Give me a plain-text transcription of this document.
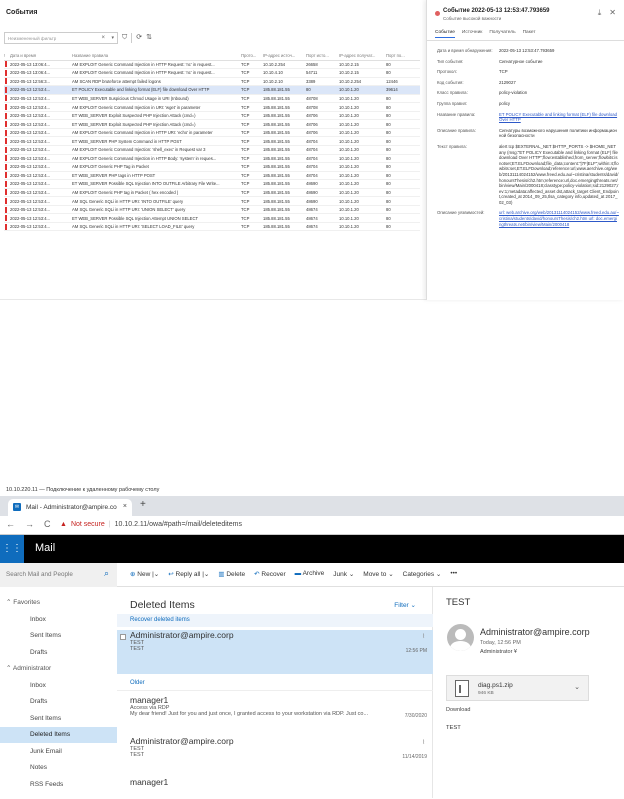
События
Неизмененный фильтр	× ▾ ⛉ ⟳ ⇅
!	Дата и время	Название правила	Прото...	IP-адрес источ...	Порт исто...	IP-адрес получат...	Порт по...
	2022-05-13 13:06:4...	AM EXPLOIT Generic Command Injection in HTTP Request: 'nc' in request...	TCP	10.10.2.254	26658	10.10.2.15	80
	2022-05-13 13:06:4...	AM EXPLOIT Generic Command Injection in HTTP Request: 'nc' in request...	TCP	10.10.4.10	54711	10.10.2.15	80
	2022-05-13 12:56:3...	AM SCAN RDP bruteforce attempt failed logons	TCP	10.10.2.10	3389	10.10.2.254	12446
	2022-05-13 12:53:4...	ET POLICY Executable and linking format (ELF) file download Over HTTP	TCP	185.88.181.55	80	10.10.1.20	39614
	2022-05-13 12:53:4...	ET WEB_SERVER Suspicious Chmod Usage in URI (Inbound)	TCP	185.88.181.55	48708	10.10.1.20	80
	2022-05-13 12:53:4...	AM EXPLOIT Generic Command Injection in URI: 'wget' in parameter	TCP	185.88.181.55	48708	10.10.1.20	80
	2022-05-13 12:53:4...	ET WEB_SERVER Exploit Suspected PHP Injection Attack (cmd=)	TCP	185.88.181.55	48706	10.10.1.20	80
	2022-05-13 12:53:4...	ET WEB_SERVER Exploit Suspected PHP Injection Attack (cmd=)	TCP	185.88.181.55	48706	10.10.1.20	80
	2022-05-13 12:53:4...	AM EXPLOIT Generic Command Injection in HTTP URI: 'echo' in parameter	TCP	185.88.181.55	48706	10.10.1.20	80
	2022-05-13 12:53:4...	ET WEB_SERVER PHP System Command in HTTP POST	TCP	185.88.181.55	48704	10.10.1.20	80
	2022-05-13 12:53:4...	AM EXPLOIT Generic Command Injection: 'shell_exec' in Request var 3	TCP	185.88.181.55	48704	10.10.1.20	80
	2022-05-13 12:53:4...	AM EXPLOIT Generic Command Injection in HTTP Body: 'system' in reques...	TCP	185.88.181.55	48704	10.10.1.20	80
	2022-05-13 12:53:4...	AM EXPLOIT Generic PHP Tag in Packet	TCP	185.88.181.55	48704	10.10.1.20	80
	2022-05-13 12:53:4...	ET WEB_SERVER PHP tags in HTTP POST	TCP	185.88.181.55	48704	10.10.1.20	80
	2022-05-13 12:53:4...	ET WEB_SERVER Possible SQL Injection INTO OUTFILE Arbitrary File Write...	TCP	185.88.181.55	48690	10.10.1.20	80
	2022-05-13 12:53:4...	AM EXPLOIT Generic PHP tag in Packet ( hex encoded )	TCP	185.88.181.55	48690	10.10.1.20	80
	2022-05-13 12:53:4...	AM SQL Generic SQLi in HTTP URI: 'INTO OUTFILE' query	TCP	185.88.181.55	48690	10.10.1.20	80
	2022-05-13 12:53:4...	AM SQL Generic SQLi in HTTP URI: 'UNION SELECT' query	TCP	185.88.181.55	48674	10.10.1.20	80
	2022-05-13 12:53:4...	ET WEB_SERVER Possible SQL Injection Attempt UNION SELECT	TCP	185.88.181.55	48674	10.10.1.20	80
	2022-05-13 12:53:4...	AM SQL Generic SQLi in HTTP URI: 'SELECT LOAD_FILE' query	TCP	185.88.181.55	48674	10.10.1.20	80
Событие 2022-05-13 12:53:47.793659
Событие высокой важности
⤓ ✕
Событие Источник Получатель Пакет
Дата и время обнаружения:	2022-05-13 12:53:47.793659
Тип события:	Сигнатурное событие
Протокол:	TCP
Код события:	2129027
Класс правила:	policy-violation
Группа правил:	policy
Название правила:	ET POLICY Executable and linking format (ELF) file download Over HTTP
Описание правила:	Сигнатуры возможного нарушения политики информационной безопасности
Текст правила:	alert tcp $EXTERNAL_NET $HTTP_PORTS -> $HOME_NET any (msg:"ET POLICY Executable and linking format (ELF) file download Over HTTP";flow:established,from_server;flowbits:isnotset;ET.ELFDownload;file_data;content:"|7F|ELF";within:4;flowbits:set,ET.ELFDownload;reference:url,www.aerchive.org/web/20131114024152/www.freed.edu.au/~cristina/students/david/honoursThesis/ch2.htm;reference:url,doc.emergingthreats.net/bin/view/Main/2000418;classtype:policy-violation;sid:2129027;rev:1;metadata:affected_asset dst,attack_target Client_Endpoint,created_at 2014_09_25,tlsa_category info,updated_at 2017_02_03)
Описание уязвимостей:	url: web.archive.org/web/20131114024152/www.freed.edu.au/~cristina/students/david/honoursThesis/ch2.htm url: doc.emergingthreats.net/bin/view/Main/2000418
10.10.220.11 — Подключение к удаленному рабочему столу
✉ Mail - Administrator@ampire.co × +
← → C ▲ Not secure | 10.10.2.11/owa/#path=/mail/deleteditems
⋮⋮ Mail
Search Mail and People	⌕	⊕ New |⌄ ↩ Reply all |⌄ ▥ Delete ↶ Recover ▬ Archive Junk ⌄ Move to ⌄ Categories ⌄ •••
⌃ Favorites
Inbox
Sent Items
Drafts
⌃ Administrator
Inbox
Drafts
Sent Items
Deleted Items
Junk Email
Notes
RSS Feeds
Deleted Items	Filter ⌄
Recover deleted items
Administrator@ampire.corp
TEST
TEST	12:56 PM
⌇
manager1
Access via RDP
My dear friend! Just for you and just once, I granted access to your workstation via RDP. Just co...	7/30/2020
Administrator@ampire.corp
TEST
TEST	11/14/2019
⌇
manager1
Older
TEST
Administrator@ampire.corp
Today, 12:56 PM
Administrator ¥
diag.ps1.zip
946 KB
⌄
Download
TEST
